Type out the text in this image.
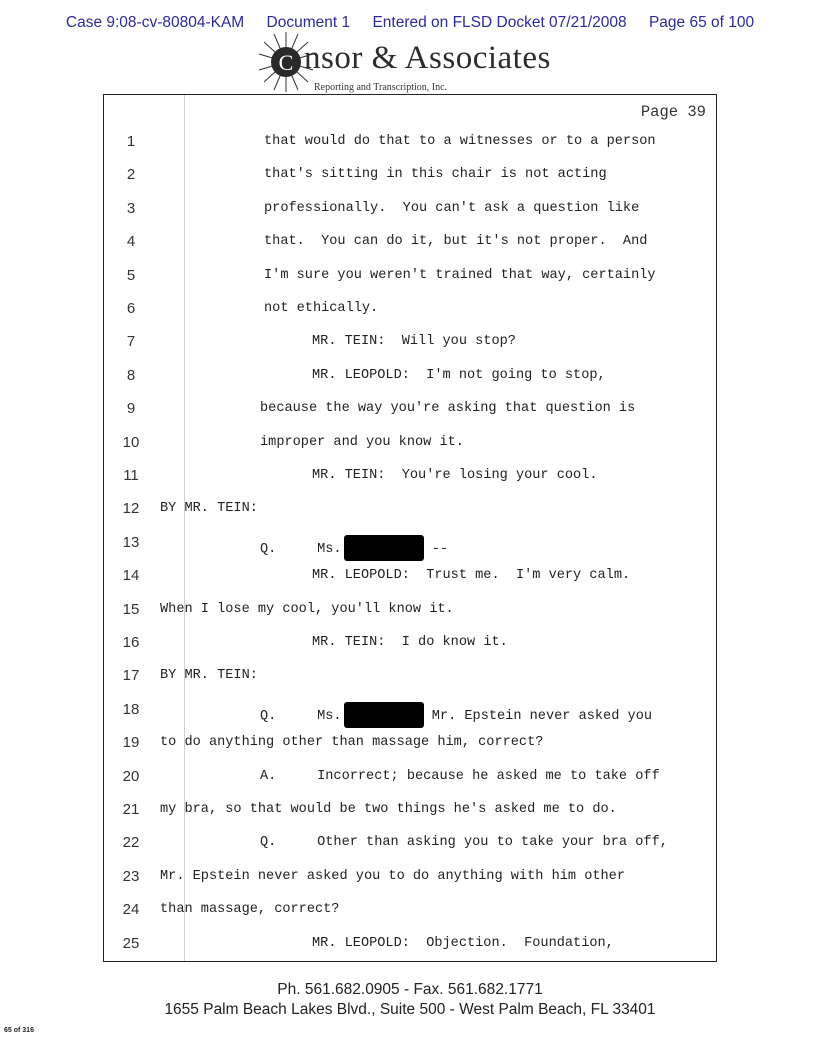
Case 9:08-cv-80804-KAM Document 1 Entered on FLSD Docket 07/21/2008 Page 65 of 100
C nsor & Associates
Reporting and Transcription, Inc.
Page 39
1	that would do that to a witnesses or to a person
2	that's sitting in this chair is not acting
3	professionally.  You can't ask a question like
4	that.  You can do it, but it's not proper.  And
5	I'm sure you weren't trained that way, certainly
6	not ethically.
7	MR. TEIN:  Will you stop?
8	MR. LEOPOLD:  I'm not going to stop,
9	because the way you're asking that question is
10	improper and you know it.
11	MR. TEIN:  You're losing your cool.
12	BY MR. TEIN:
13	Q.     Ms.	--
14	MR. LEOPOLD:  Trust me.  I'm very calm.
15	When I lose my cool, you'll know it.
16	MR. TEIN:  I do know it.
17	BY MR. TEIN:
18	Q.     Ms.	Mr. Epstein never asked you
19	to do anything other than massage him, correct?
20	A.     Incorrect; because he asked me to take off
21	my bra, so that would be two things he's asked me to do.
22	Q.     Other than asking you to take your bra off,
23	Mr. Epstein never asked you to do anything with him other
24	than massage, correct?
25	MR. LEOPOLD:  Objection.  Foundation,
Ph. 561.682.0905 - Fax. 561.682.1771
1655 Palm Beach Lakes Blvd., Suite 500 - West Palm Beach, FL 33401
65 of 316
